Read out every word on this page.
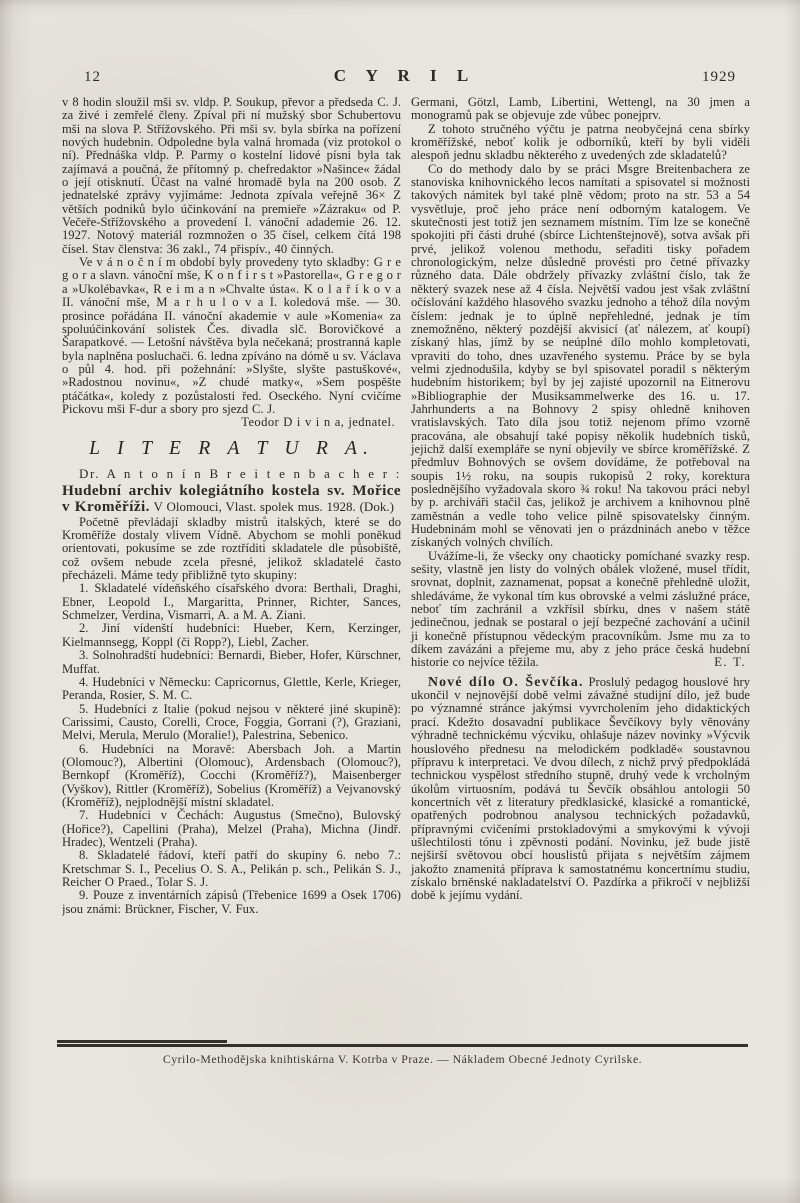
12	C Y R I L	1929

v 8 hodin sloužil mši sv. vldp. P. Soukup, převor a předseda C. J. za živé i zemřelé členy. Zpíval při ní mužský sbor Schubertovu mši na slova P. Střížovského. Při mši sv. byla sbírka na pořízení nových hudebnin. Odpoledne byla valná hromada (viz protokol o ní). Přednáška vldp. P. Parmy o kostelní lidové písni byla tak zajímavá a poučná, že přítomný p. chefredaktor »Našince« žádal o její otisknutí. Účast na valné hromadě byla na 200 osob. Z jednatelské zprávy vyjímáme: Jednota zpívala veřejně 36× Z větších podniků bylo účinkování na premieře »Zázraku« od P. Večeře-Střížovského a provedení I. vánoční adademie 26. 12. 1927. Notový materiál rozmnožen o 35 čísel, celkem čítá 198 čísel. Stav členstva: 36 zakl., 74 přispív., 40 činných.

Ve v á n o č n í m období byly provedeny tyto skladby: G r e g o r a slavn. vánoční mše, K o n f i r s t »Pastorella«, G r e g o r a »Ukolébavka«, R e i m a n »Chvalte ústa«. K o l a ř í k o v a II. vánoční mše, M a r h u l o v a I. koledová mše. — 30. prosince pořádána II. vánoční akademie v aule »Komenia« za spoluúčinkování solistek Čes. divadla slč. Borovičkové a Šarapatkové. — Letošní návštěva byla nečekaná; prostranná kaple byla naplněna posluchači. 6. ledna zpíváno na dómě u sv. Václava o půl 4. hod. při požehnání: »Slyšte, slyšte pastuškové«, »Radostnou novinu«, »Z chudé matky«, »Sem pospěšte ptáčátka«, koledy z pozůstalosti řed. Oseckého. Nyní cvičíme Pickovu mši F-dur a sbory pro sjezd C. J.

Teodor D i v i n a, jednatel.

L I T E R A T U R A.

Dr. A n t o n í n B r e i t e n b a c h e r : Hudební archiv kolegiátního kostela sv. Mořice v Kroměříži. V Olomouci, Vlast. spolek mus. 1928. (Dok.)

Početně převládají skladby mistrů italských, které se do Kroměříže dostaly vlivem Vídně. Abychom se mohli poněkud orientovati, pokusíme se zde roztříditi skladatele dle působiště, což ovšem nebude zcela přesné, jelikož skladatelé často přecházeli. Máme tedy přibližně tyto skupiny:

1. Skladatelé vídeňského císařského dvora: Berthali, Draghi, Ebner, Leopold I., Margaritta, Prinner, Richter, Sances, Schmelzer, Verdina, Vismarri, A. a M. A. Ziani.

2. Jiní vídenští hudebníci: Hueber, Kern, Kerzinger, Kielmannsegg, Koppl (či Ropp?), Liebl, Zacher.

3. Solnohradští hudebníci: Bernardi, Bieber, Hofer, Kürschner, Muffat.

4. Hudebníci v Německu: Capricornus, Glettle, Kerle, Krieger, Peranda, Rosier, S. M. C.

5. Hudebníci z Italie (pokud nejsou v některé jiné skupině): Carissimi, Causto, Corelli, Croce, Foggia, Gorrani (?), Graziani, Melvi, Merula, Merulo (Moralie!), Palestrina, Sebenico.

6. Hudebníci na Moravě: Abersbach Joh. a Martin (Olomouc?), Albertini (Olomouc), Ardensbach (Olomouc?), Bernkopf (Kroměříž), Cocchi (Kroměříž?), Maisenberger (Vyškov), Rittler (Kroměříž), Sobelius (Kroměříž) a Vejvanovský (Kroměříž), nejplodnější místní skladatel.

7. Hudebníci v Čechách: Augustus (Smečno), Bulovský (Hořice?), Capellini (Praha), Melzel (Praha), Michna (Jindř. Hradec), Wentzeli (Praha).

8. Skladatelé řádoví, kteří patří do skupiny 6. nebo 7.: Kretschmar S. I., Pecelius O. S. A., Pelikán p. sch., Pelikán S. J., Reicher O Praed., Tolar S. J.

9. Pouze z inventárních zápisů (Třebenice 1699 a Osek 1706) jsou známi: Brückner, Fischer, V. Fux.

Germani, Götzl, Lamb, Libertini, Wettengl, na 30 jmen a monogramů pak se objevuje zde vůbec ponejprv.

Z tohoto stručného výčtu je patrna neobyčejná cena sbírky kroměřížské, neboť kolik je odborníků, kteří by byli viděli alespoň jednu skladbu některého z uvedených zde skladatelů?

Co do methody dalo by se práci Msgre Breitenbachera ze stanoviska knihovnického lecos namítati a spisovatel si možnosti takových námitek byl také plně vědom; proto na str. 53 a 54 vysvětluje, proč jeho práce není odborným katalogem. Ve skutečnosti jest totiž jen seznamem místním. Tím lze se konečně spokojiti při části druhé (sbírce Lichtenštejnově), sotva avšak při prvé, jelikož volenou methodu, seřaditi tisky pořadem chronologickým, nelze důsledně provésti pro četné přívazky různého data. Dále obdržely přívazky zvláštní číslo, tak že některý svazek nese až 4 čísla. Největší vadou jest však zvláštní očíslování každého hlasového svazku jednoho a téhož díla novým číslem: jednak je to úplně nepřehledné, jednak je tím znemožněno, některý pozdější akvisicí (ať nálezem, ať koupí) získaný hlas, jímž by se neúplné dílo mohlo kompletovati, vpraviti do toho, dnes uzavřeného systemu. Práce by se byla velmi zjednodušila, kdyby se byl spisovatel poradil s některým hudebním historikem; byl by jej zajisté upozornil na Eitnerovu »Bibliographie der Musiksammelwerke des 16. u. 17. Jahrhunderts a na Bohnovy 2 spisy ohledně knihoven vratislavských. Tato díla jsou totiž nejenom přímo vzorně pracována, ale obsahují také popisy několik hudebních tisků, jejichž další exempláře se nyní objevily ve sbírce kroměřížské. Z předmluv Bohnových se ovšem dovídáme, že potřeboval na soupis 1½ roku, na soupis rukopisů 2 roky, korektura poslednějšího vyžadovala skoro ¾ roku! Na takovou práci nebyl by p. archiváři stačil čas, jelikož je archivem a knihovnou plně zaměstnán a vedle toho velice pilně spisovatelsky činným. Hudebninám mohl se věnovati jen o prázdninách anebo v těžce získaných volných chvílích.

Uvážíme-li, že všecky ony chaoticky pomíchané svazky resp. sešity, vlastně jen listy do volných obálek vložené, musel třídit, srovnat, doplnit, zaznamenat, popsat a konečně přehledně uložit, shledáváme, že vykonal tím kus obrovské a velmi záslužné práce, neboť tím zachránil a vzkřísil sbírku, dnes v našem státě jedinečnou, jednak se postaral o její bezpečné zachování a učinil ji konečně přístupnou vědeckým pracovníkům. Jsme mu za to díkem zavázáni a přejeme mu, aby z jeho práce česká hudební historie co nejvíce těžila.	E. T.

Nové dílo O. Ševčíka. Proslulý pedagog houslové hry ukončil v nejnovější době velmi závažné studijní dílo, jež bude po významné stránce jakýmsi vyvrcholením jeho didaktických prací. Kdežto dosavadní publikace Ševčíkovy byly věnovány výhradně technickému výcviku, ohlašuje název novinky »Výcvik houslového přednesu na melodickém podkladě« soustavnou přípravu k interpretaci. Ve dvou dílech, z nichž prvý předpokládá technickou vyspělost středního stupně, druhý vede k vrcholným úkolům virtuosním, podává tu Ševčík obsáhlou antologii 50 koncertních vět z literatury předklasické, klasické a romantické, opatřených podrobnou analysou technických požadavků, přípravnými cvičeními prstokladovými a smykovými k vývoji ušlechtilosti tónu i zpěvnosti podání. Novinku, jež bude jistě nejširší světovou obcí houslistů přijata s největším zájmem jakožto znamenitá příprava k samostatnému koncertnímu studiu, získalo brněnské nakladatelství O. Pazdírka a přikročí v nejbližší době k jejímu vydání.

Cyrilo-Methodějska knihtiskárna V. Kotrba v Praze. — Nákladem Obecné Jednoty Cyrilske.
